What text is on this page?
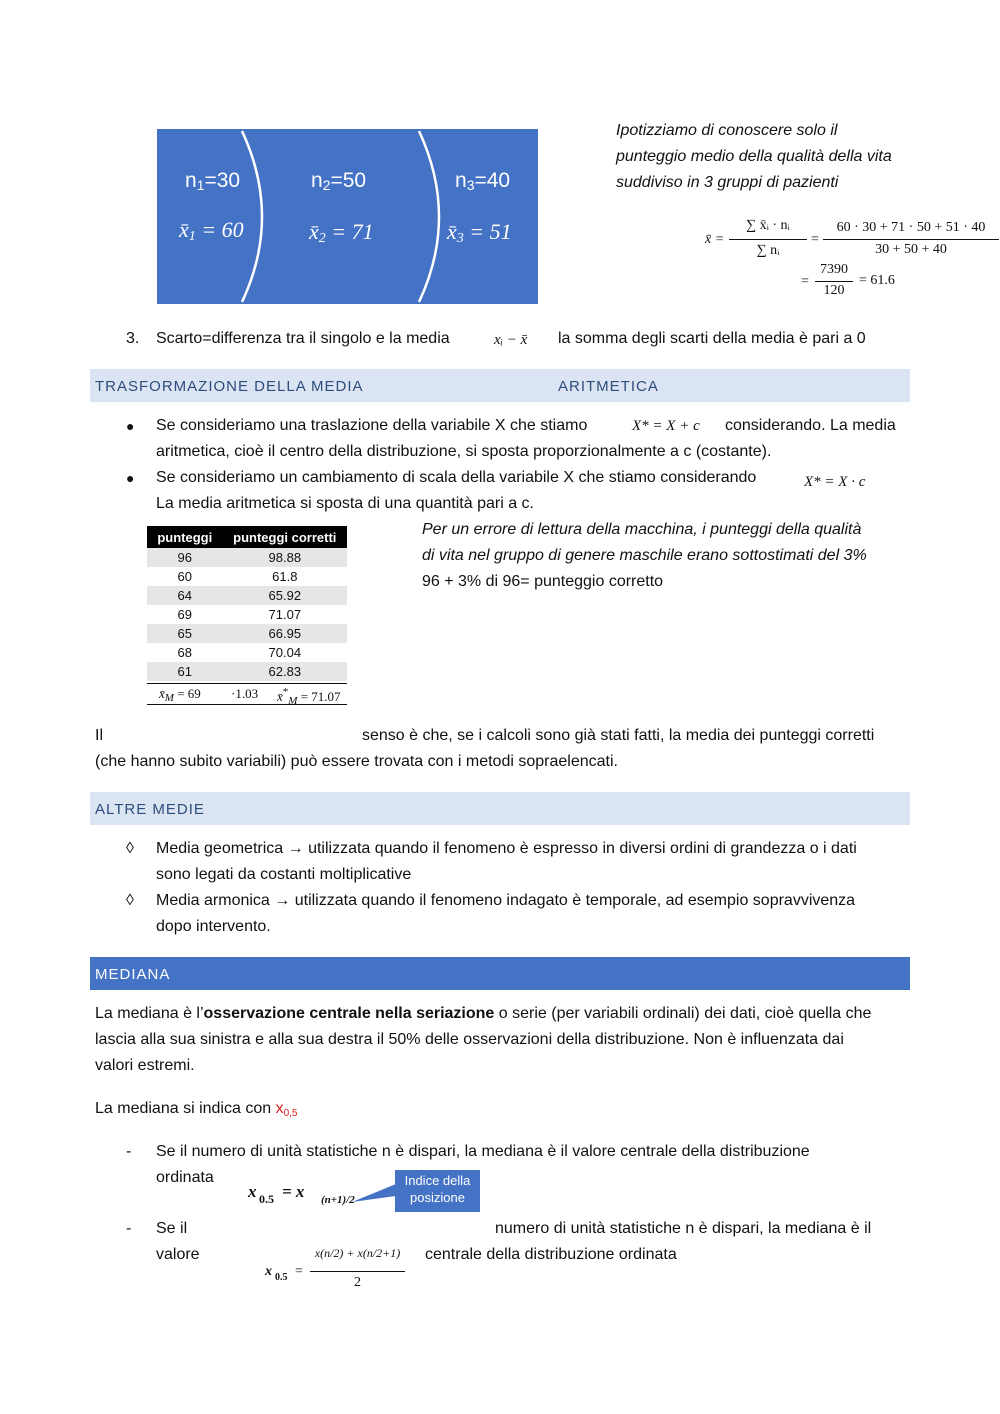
$n_1=30$
$x̄_1 = 60$
$n_2=50$
$x̄_2 = 71$
$n_3=40$
$x̄_3 = 51$
Ipotizziamo di conoscere solo il punteggio medio della qualità della vita suddiviso in 3 gruppi di pazienti
x̄ =
∑ x̄ᵢ · nᵢ
∑ nᵢ
=
60 · 30 + 71 · 50 + 51 · 40
30 + 50 + 40
=
7390
120
= 61.6
3. Scarto=differenza tra il singolo e la media	xᵢ − x̄ la somma degli scarti della media è pari a 0
TRASFORMAZIONE DELLA MEDIA	ARITMETICA
● Se consideriamo una traslazione della variabile X che stiamo	X* = X + c considerando. La media
aritmetica, cioè il centro della distribuzione, si sposta proporzionalmente a c (costante).
● Se consideriamo un cambiamento di scala della variabile X che stiamo considerando	X* = X · c
La media aritmetica si sposta di una quantità pari a c.
punteggi	punteggi corretti
96	98.88
60	61.8
64	65.92
69	71.07
65	66.95
68	70.04
61	62.83
$x̄_M = 69 \cdot 1.03$ $x̄^*_M = 71.07$
Per un errore di lettura della macchina, i punteggi della qualità
di vita nel gruppo di genere maschile erano sottostimati del 3%
96 + 3% di 96= punteggio corretto
Il	senso è che, se i calcoli sono già stati fatti, la media dei punteggi corretti
(che hanno subito variabili) può essere trovata con i metodi sopraelencati.
ALTRE MEDIE
◊ Media geometrica → utilizzata quando il fenomeno è espresso in diversi ordini di grandezza o i dati
sono legati da costanti moltiplicative
◊ Media armonica → utilizzata quando il fenomeno indagato è temporale, ad esempio sopravvivenza
dopo intervento.
MEDIANA
La mediana è l’osservazione centrale nella seriazione o serie (per variabili ordinali) dei dati, cioè quella che
lascia alla sua sinistra e alla sua destra il 50% delle osservazioni della distribuzione. Non è influenzata dai
valori estremi.
La mediana si indica con $x_{0,5}$
- Se il numero di unità statistiche n è dispari, la mediana è il valore centrale della distribuzione
ordinata
x 0.5 = x (n+1)/2
Indice della posizione
- Se il	numero di unità statistiche n è dispari, la mediana è il
valore	centrale della distribuzione ordinata
x 0.5 =
x(n/2) + x(n/2+1)
2
